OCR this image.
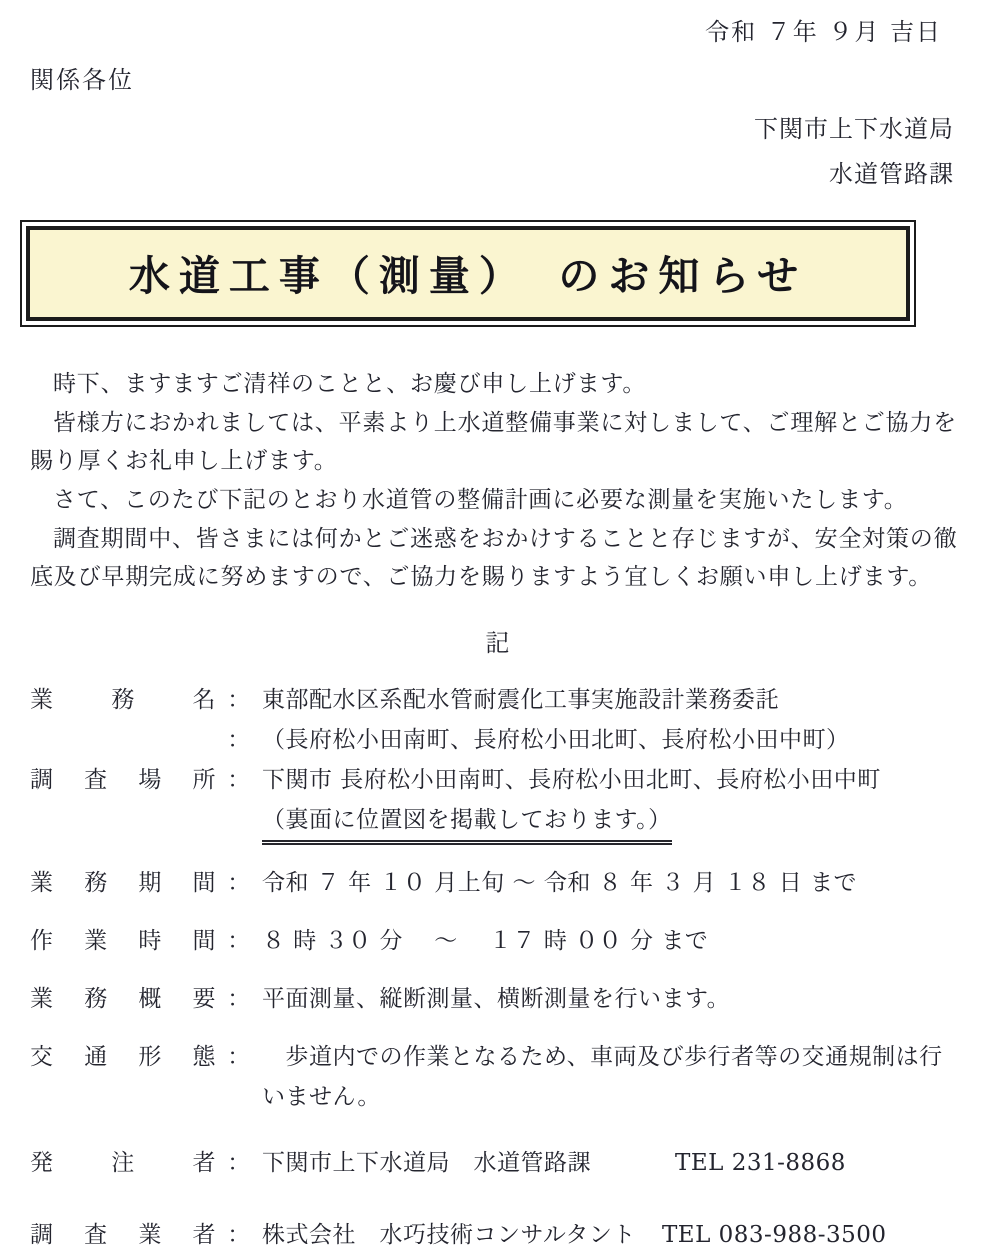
令和 ７年 ９月 吉日
関係各位
下関市上下水道局
水道管路課
水道工事（測量）　のお知らせ

時下、ますますご清祥のことと、お慶び申し上げます。

皆様方におかれましては、平素より上水道整備事業に対しまして、ご理解とご協力を賜り厚くお礼申し上げます。

さて、このたび下記のとおり水道管の整備計画に必要な測量を実施いたします。

調査期間中、皆さまには何かとご迷惑をおかけすることと存じますが、安全対策の徹底及び早期完成に努めますので、ご協力を賜りますよう宜しくお願い申し上げます。

記
業務名 ： 東部配水区系配水管耐震化工事実施設計業務委託
： （長府松小田南町、長府松小田北町、長府松小田中町）
調査場所 ： 下関市 長府松小田南町、長府松小田北町、長府松小田中町
（裏面に位置図を掲載しております。）
業務期間 ： 令和 ７ 年 １０ 月上旬 ～ 令和 ８ 年 ３ 月 １８ 日 まで
作業時間 ： ８ 時 ３０ 分　 ～ 　１７ 時 ００ 分 まで
業務概要 ： 平面測量、縦断測量、横断測量を行います。
交通形態 ： 　歩道内での作業となるため、車両及び歩行者等の交通規制は行
いません。
発注者 ： 下関市上下水道局　水道管路課	TEL 231-8868
調査業者 ： 株式会社　水巧技術コンサルタント TEL 083-988-3500
